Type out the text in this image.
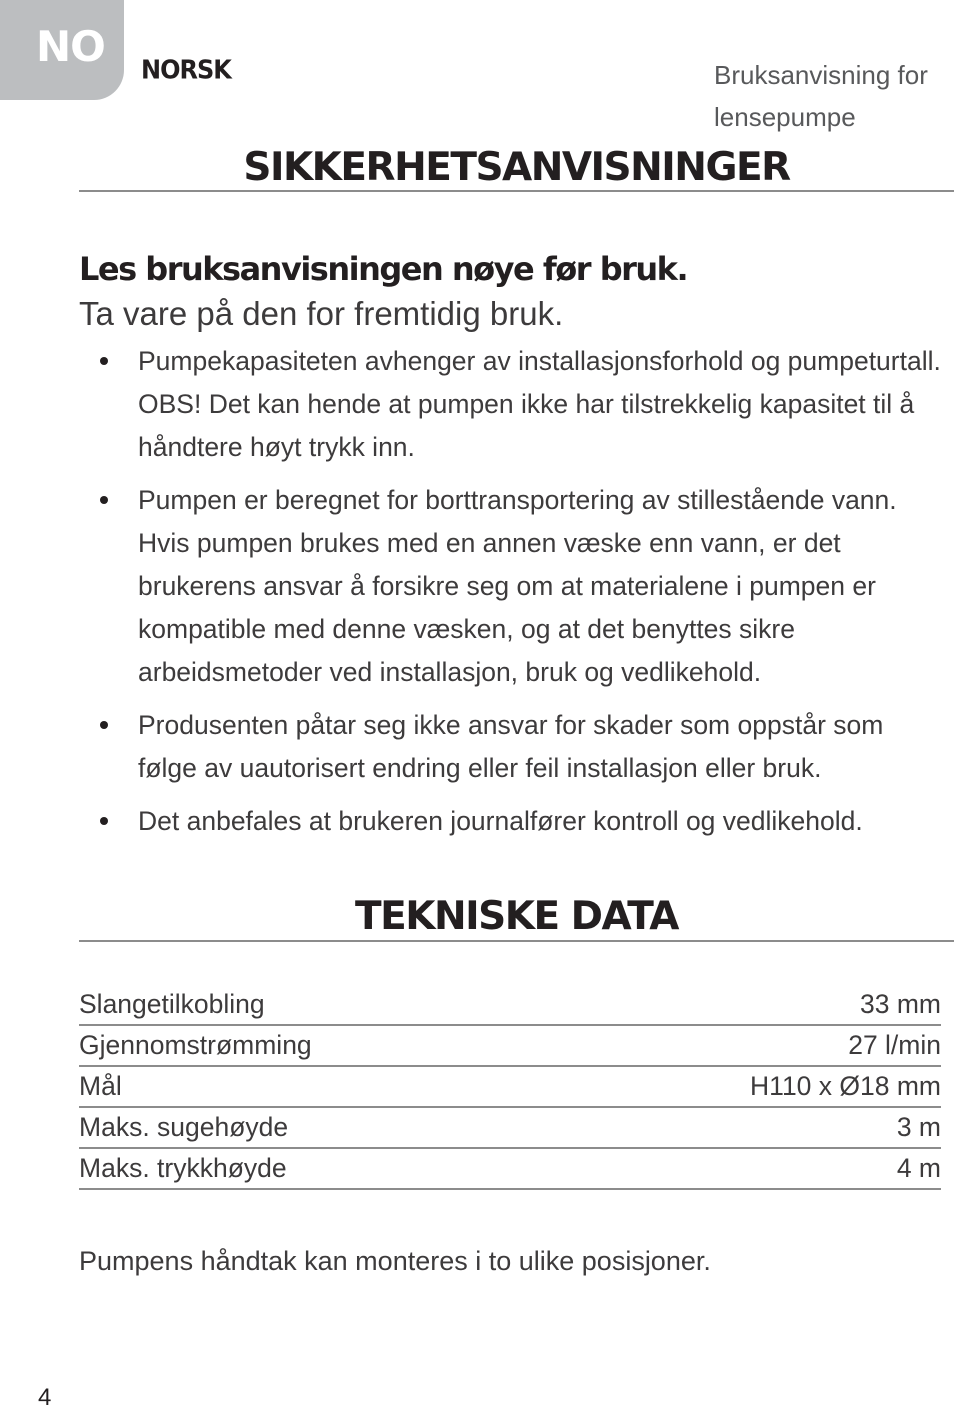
NO NORSK	Bruksanvisning for lensepumpe
SIKKERHETSANVISNINGER
Les bruksanvisningen nøye før bruk.
Ta vare på den for fremtidig bruk.
Pumpekapasiteten avhenger av installasjonsforhold og pumpeturtall. OBS! Det kan hende at pumpen ikke har tilstrekkelig kapasitet til å håndtere høyt trykk inn.
Pumpen er beregnet for borttransportering av stillestående vann. Hvis pumpen brukes med en annen væske enn vann, er det brukerens ansvar å forsikre seg om at materialene i pumpen er kompatible med denne væsken, og at det benyttes sikre arbeidsmetoder ved installasjon, bruk og vedlikehold.
Produsenten påtar seg ikke ansvar for skader som oppstår som følge av uautorisert endring eller feil installasjon eller bruk.
Det anbefales at brukeren journalfører kontroll og vedlikehold.
TEKNISKE DATA
Slangetilkobling	33 mm
Gjennomstrømming	27 l/min
Mål	H110 x Ø18 mm
Maks. sugehøyde	3 m
Maks. trykkhøyde	4 m
Pumpens håndtak kan monteres i to ulike posisjoner.
4
